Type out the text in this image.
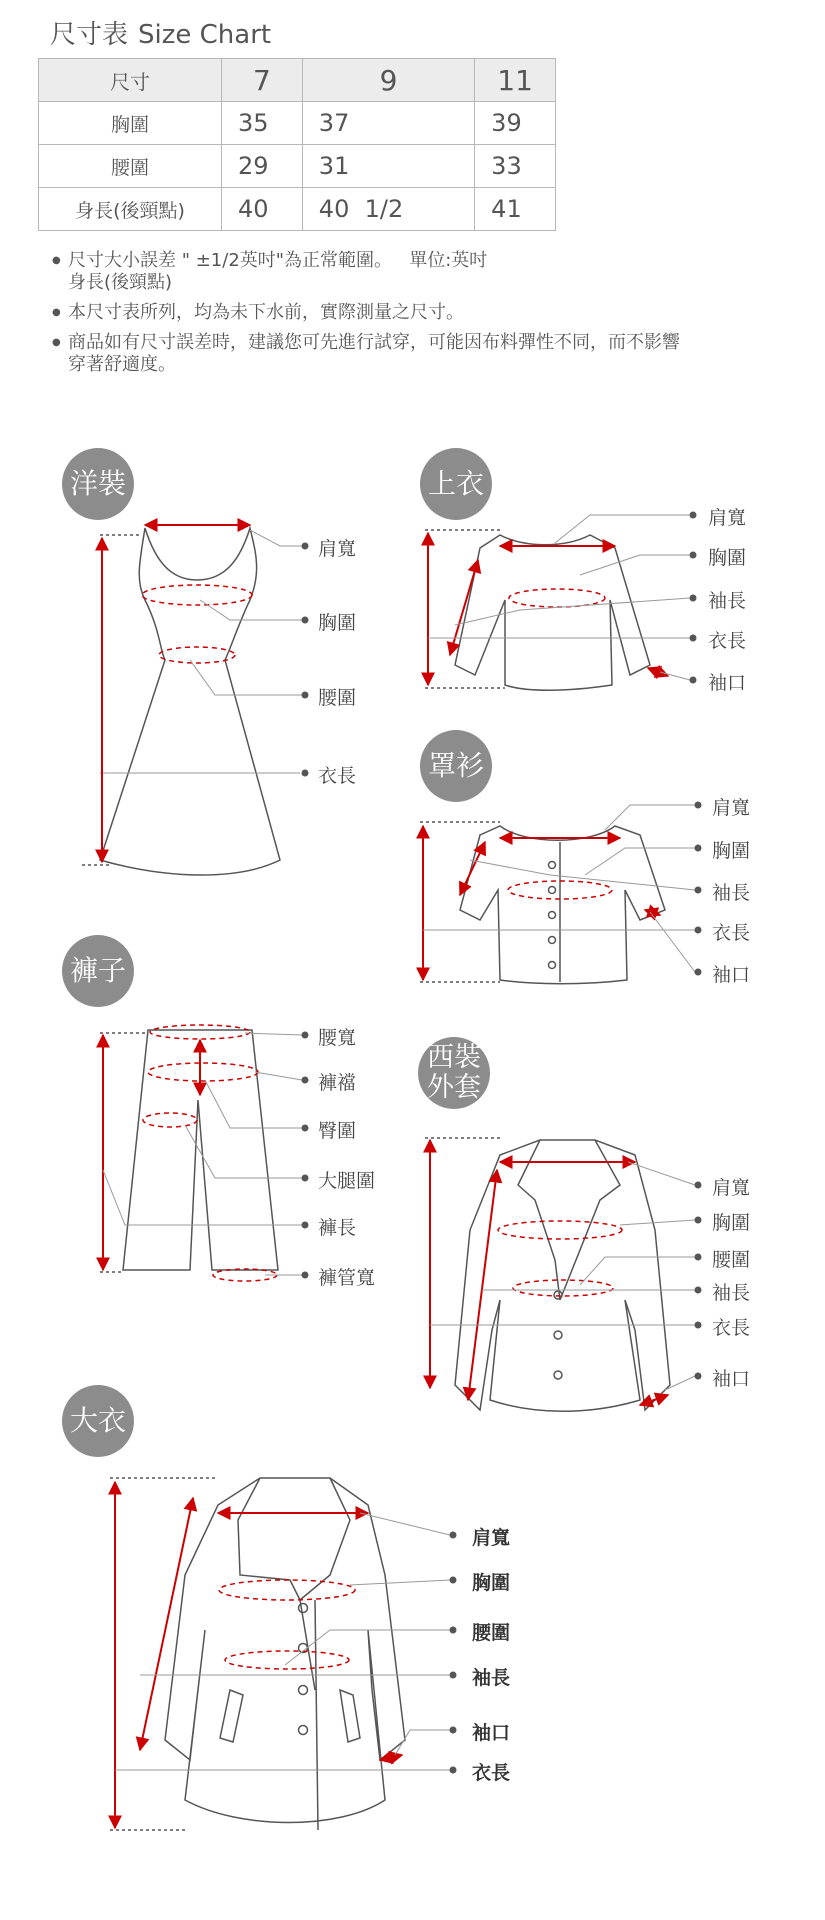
尺寸表 Size Chart
尺寸	7	9	11
胸圍	35	37	39
腰圍	29	31	33
身長(後頸點)	40	40  1/2	41
● 尺寸大小誤差 " ±1/2英吋"為正常範圍。   單位:英吋
身長(後頸點)
● 本尺寸表所列，均為未下水前，實際測量之尺寸。
● 商品如有尺寸誤差時，建議您可先進行試穿，可能因布料彈性不同，而不影響
穿著舒適度。
洋裝	上衣
罩衫
褲子
西裝
外套
大衣
肩寬
胸圍
腰圍
衣長
肩寬
胸圍
袖長
衣長
袖口
肩寬
胸圍
袖長
衣長
袖口
腰寬
褲襠
臀圍
大腿圍
褲長
褲管寬
肩寬
胸圍
腰圍
袖長
衣長
袖口
肩寬
胸圍
腰圍
袖長
袖口
衣長
